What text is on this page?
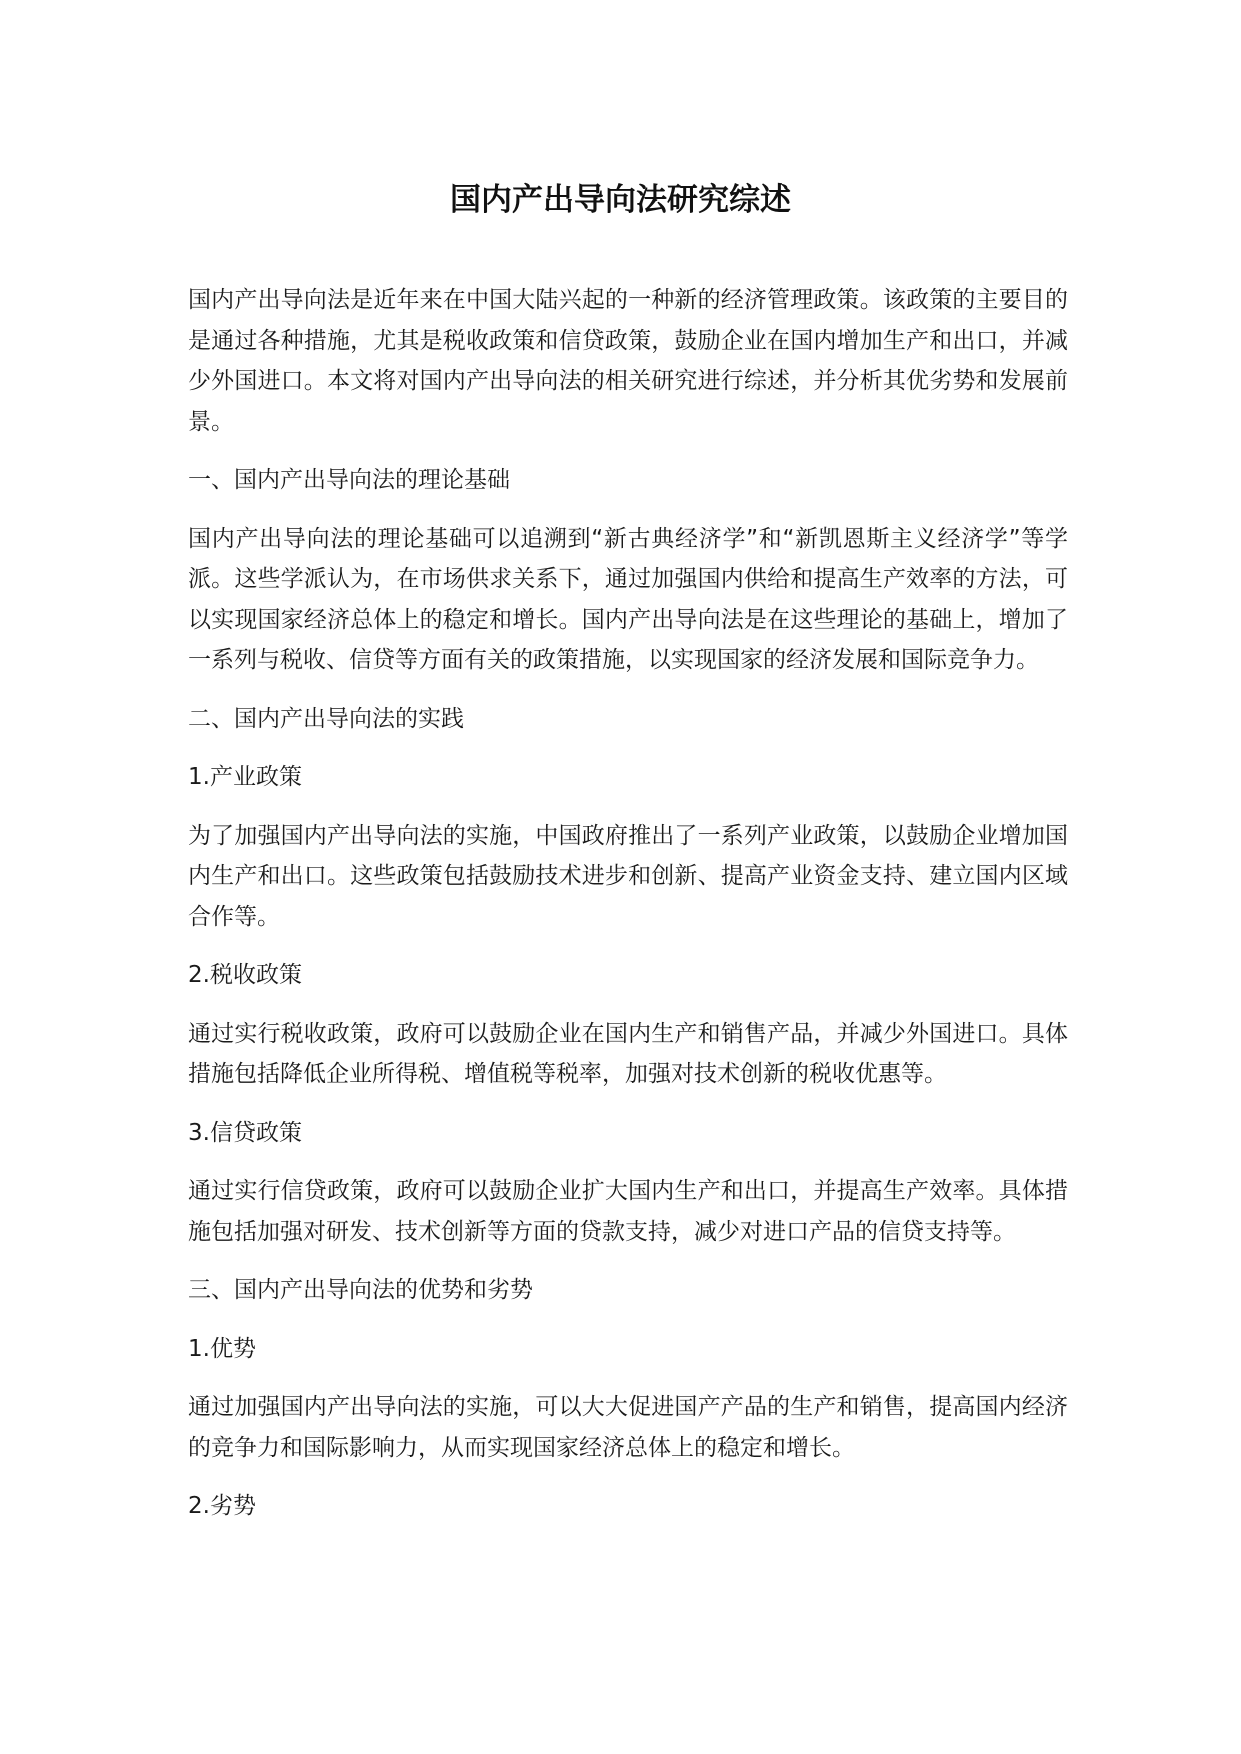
国内产出导向法研究综述

国内产出导向法是近年来在中国大陆兴起的一种新的经济管理政策。该政策的主要目的是通过各种措施，尤其是税收政策和信贷政策，鼓励企业在国内增加生产和出口，并减少外国进口。本文将对国内产出导向法的相关研究进行综述，并分析其优劣势和发展前景。

一、国内产出导向法的理论基础

国内产出导向法的理论基础可以追溯到“新古典经济学”和“新凯恩斯主义经济学”等学派。这些学派认为，在市场供求关系下，通过加强国内供给和提高生产效率的方法，可以实现国家经济总体上的稳定和增长。国内产出导向法是在这些理论的基础上，增加了一系列与税收、信贷等方面有关的政策措施，以实现国家的经济发展和国际竞争力。

二、国内产出导向法的实践

1.产业政策

为了加强国内产出导向法的实施，中国政府推出了一系列产业政策，以鼓励企业增加国内生产和出口。这些政策包括鼓励技术进步和创新、提高产业资金支持、建立国内区域合作等。

2.税收政策

通过实行税收政策，政府可以鼓励企业在国内生产和销售产品，并减少外国进口。具体措施包括降低企业所得税、增值税等税率，加强对技术创新的税收优惠等。

3.信贷政策

通过实行信贷政策，政府可以鼓励企业扩大国内生产和出口，并提高生产效率。具体措施包括加强对研发、技术创新等方面的贷款支持，减少对进口产品的信贷支持等。

三、国内产出导向法的优势和劣势

1.优势

通过加强国内产出导向法的实施，可以大大促进国产产品的生产和销售，提高国内经济的竞争力和国际影响力，从而实现国家经济总体上的稳定和增长。

2.劣势
